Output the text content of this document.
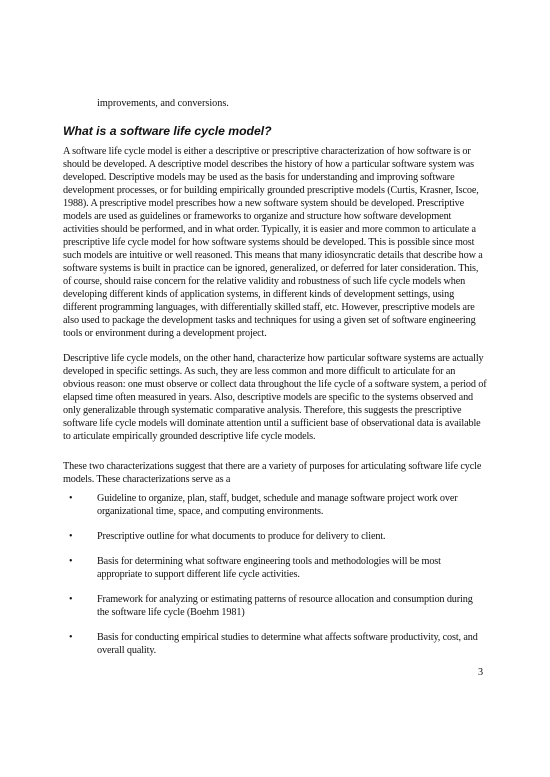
improvements, and conversions.

What is a software life cycle model?

A software life cycle model is either a descriptive or prescriptive characterization of how software is or should be developed. A descriptive model describes the history of how a particular software system was developed. Descriptive models may be used as the basis for understanding and improving software development processes, or for building empirically grounded prescriptive models (Curtis, Krasner, Iscoe, 1988). A prescriptive model prescribes how a new software system should be developed. Prescriptive models are used as guidelines or frameworks to organize and structure how software development activities should be performed, and in what order. Typically, it is easier and more common to articulate a prescriptive life cycle model for how software systems should be developed. This is possible since most such models are intuitive or well reasoned. This means that many idiosyncratic details that describe how a software systems is built in practice can be ignored, generalized, or deferred for later consideration. This, of course, should raise concern for the relative validity and robustness of such life cycle models when developing different kinds of application systems, in different kinds of development settings, using different programming languages, with differentially skilled staff, etc. However, prescriptive models are also used to package the development tasks and techniques for using a given set of software engineering tools or environment during a development project.

Descriptive life cycle models, on the other hand, characterize how particular software systems are actually developed in specific settings. As such, they are less common and more difficult to articulate for an obvious reason: one must observe or collect data throughout the life cycle of a software system, a period of elapsed time often measured in years. Also, descriptive models are specific to the systems observed and only generalizable through systematic comparative analysis. Therefore, this suggests the prescriptive software life cycle models will dominate attention until a sufficient base of observational data is available to articulate empirically grounded descriptive life cycle models.

These two characterizations suggest that there are a variety of purposes for articulating software life cycle models. These characterizations serve as a

• Guideline to organize, plan, staff, budget, schedule and manage software project work over organizational time, space, and computing environments.
• Prescriptive outline for what documents to produce for delivery to client.
• Basis for determining what software engineering tools and methodologies will be most appropriate to support different life cycle activities.
• Framework for analyzing or estimating patterns of resource allocation and consumption during the software life cycle (Boehm 1981)
• Basis for conducting empirical studies to determine what affects software productivity, cost, and overall quality.

3
